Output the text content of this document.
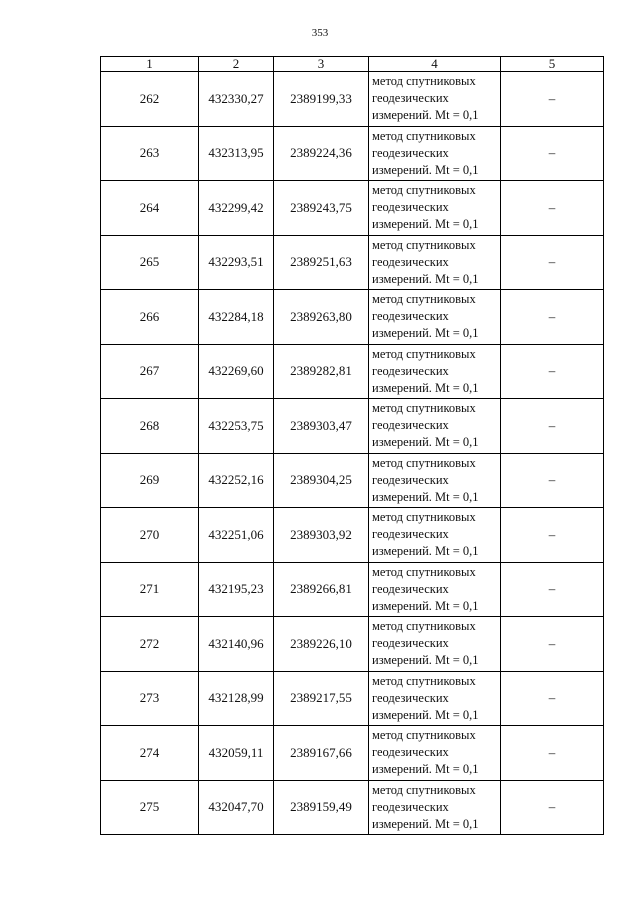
353
1	2	3	4	5
262	432330,27	2389199,33	метод спутниковых
геодезических
измерений. Mt = 0,1	–
263	432313,95	2389224,36	метод спутниковых
геодезических
измерений. Mt = 0,1	–
264	432299,42	2389243,75	метод спутниковых
геодезических
измерений. Mt = 0,1	–
265	432293,51	2389251,63	метод спутниковых
геодезических
измерений. Mt = 0,1	–
266	432284,18	2389263,80	метод спутниковых
геодезических
измерений. Mt = 0,1	–
267	432269,60	2389282,81	метод спутниковых
геодезических
измерений. Mt = 0,1	–
268	432253,75	2389303,47	метод спутниковых
геодезических
измерений. Mt = 0,1	–
269	432252,16	2389304,25	метод спутниковых
геодезических
измерений. Mt = 0,1	–
270	432251,06	2389303,92	метод спутниковых
геодезических
измерений. Mt = 0,1	–
271	432195,23	2389266,81	метод спутниковых
геодезических
измерений. Mt = 0,1	–
272	432140,96	2389226,10	метод спутниковых
геодезических
измерений. Mt = 0,1	–
273	432128,99	2389217,55	метод спутниковых
геодезических
измерений. Mt = 0,1	–
274	432059,11	2389167,66	метод спутниковых
геодезических
измерений. Mt = 0,1	–
275	432047,70	2389159,49	метод спутниковых
геодезических
измерений. Mt = 0,1	–
